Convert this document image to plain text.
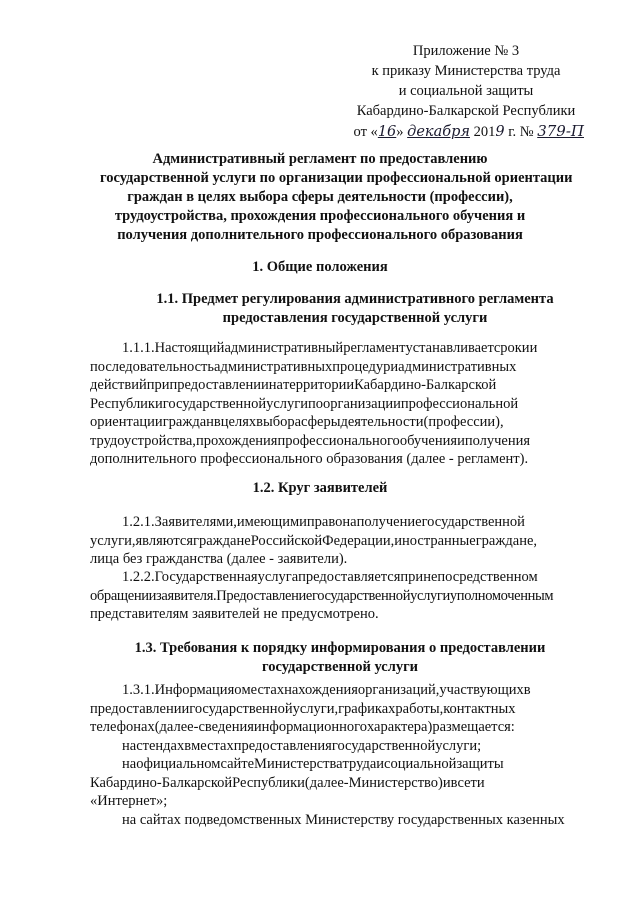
Приложение № 3
к приказу Министерства труда
и социальной защиты
Кабардино-Балкарской Республики
от «16» декабря 2019 г. № 379-П
Административный регламент по предоставлению
государственной услуги по организации профессиональной ориентации
граждан в целях выбора сферы деятельности (профессии),
трудоустройства, прохождения профессионального обучения и
получения дополнительного профессионального образования
1. Общие положения
1.1. Предмет регулирования административного регламента
предоставления государственной услуги
1.1.1.Настоящийадминистративныйрегламентустанавливаетсрокии
последовательностьадминистративныхпроцедуриадминистративных
действийприпредоставлениинатерриторииКабардино-Балкарской
Республикигосударственнойуслугипоорганизациипрофессиональной
ориентациигражданвцеляхвыборасферыдеятельности(профессии),
трудоустройства,прохожденияпрофессиональногообученияиполучения
дополнительного профессионального образования (далее - регламент).
1.2. Круг заявителей
1.2.1.Заявителями,имеющимиправонаполучениегосударственной
услуги,являютсягражданеРоссийскойФедерации,иностранныеграждане,
лица без гражданства (далее - заявители).
1.2.2.Государственнаяуслугапредоставляетсяпринепосредственном
обращениизаявителя.Предоставлениегосударственнойуслугиуполномоченным
представителям заявителей не предусмотрено.
1.3. Требования к порядку информирования о предоставлении
государственной услуги
1.3.1.Информацияоместахнахожденияорганизаций,участвующихв
предоставлениигосударственнойуслуги,графикахработы,контактных
телефонах(далее-сведенияинформационногохарактера)размещается:
настендахвместахпредоставлениягосударственнойуслуги;
наофициальномсайтеМинистерстватрудаисоциальнойзащиты
Кабардино-БалкарскойРеспублики(далее-Министерство)ивсети
«Интернет»;
на сайтах подведомственных Министерству государственных казенных
